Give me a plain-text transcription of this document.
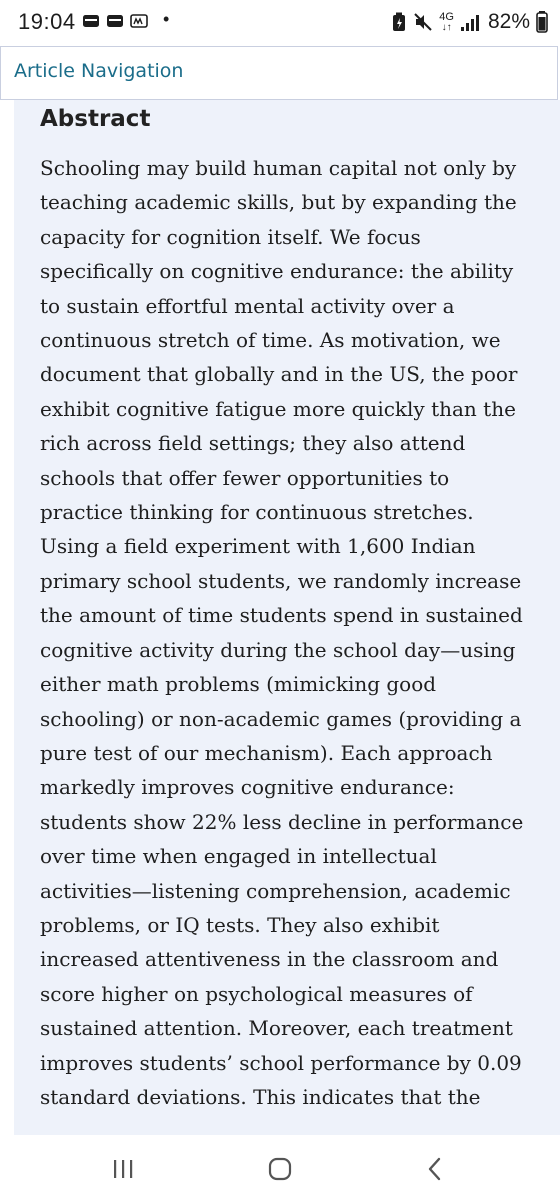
19:04	•	4G
↓↑ 82%
Article Navigation
Abstract

Schooling may build human capital not only by teaching academic skills, but by expanding the capacity for cognition itself. We focus specifically on cognitive endurance: the ability to sustain effortful mental activity over a continuous stretch of time. As motivation, we document that globally and in the US, the poor exhibit cognitive fatigue more quickly than the rich across field settings; they also attend schools that offer fewer opportunities to practice thinking for continuous stretches. Using a field experiment with 1,600 Indian primary school students, we randomly increase the amount of time students spend in sustained cognitive activity during the school day—using either math problems (mimicking good schooling) or non-academic games (providing a pure test of our mechanism). Each approach markedly improves cognitive endurance: students show 22% less decline in performance over time when engaged in intellectual activities—listening comprehension, academic problems, or IQ tests. They also exhibit increased attentiveness in the classroom and score higher on psychological measures of sustained attention. Moreover, each treatment improves students’ school performance by 0.09 standard deviations. This indicates that the
